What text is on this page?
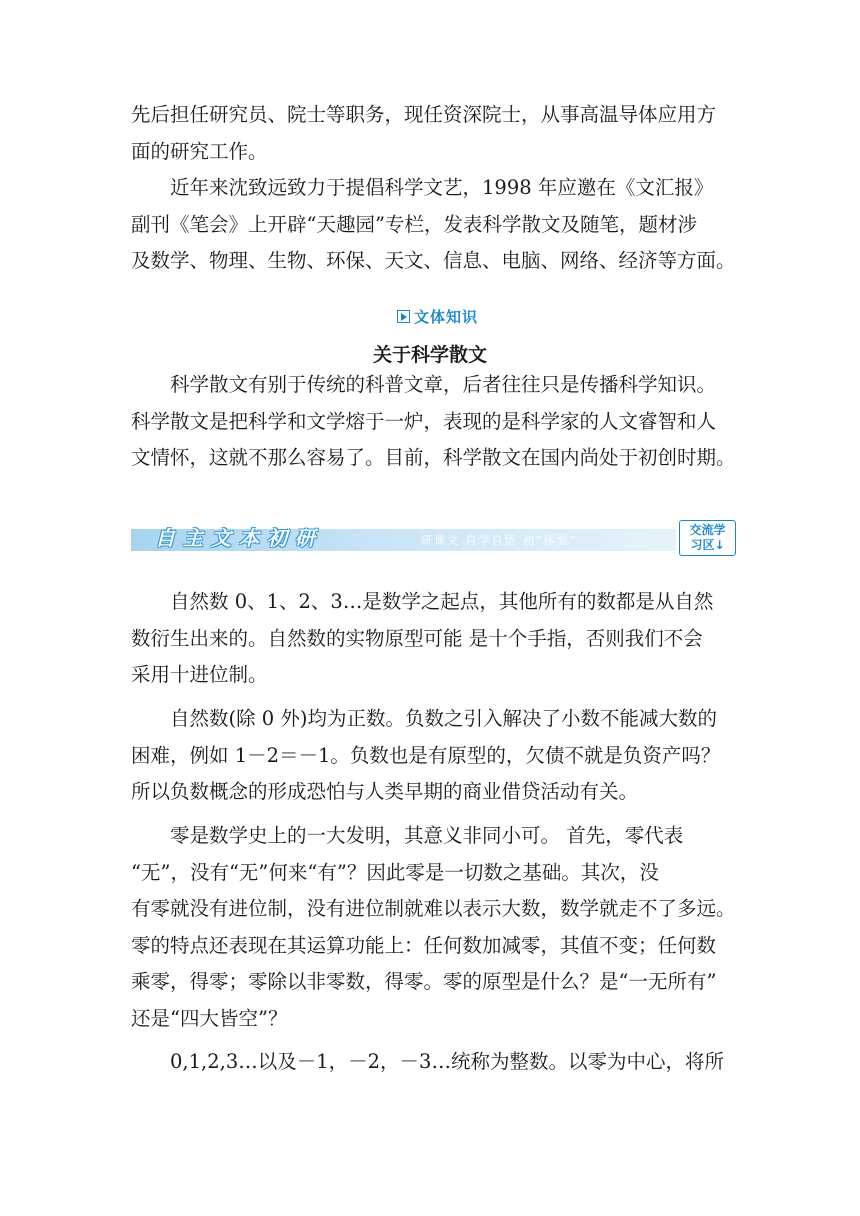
先后担任研究员、院士等职务，现任资深院士，从事高温导体应用方
面的研究工作。
　　近年来沈致远致力于提倡科学文艺，1998 年应邀在《文汇报》
副刊《笔会》上开辟“天趣园”专栏，发表科学散文及随笔，题材涉
及数学、物理、生物、环保、天文、信息、电脑、网络、经济等方面。
文体知识
关于科学散文
　　科学散文有别于传统的科普文章，后者往往只是传播科学知识。
科学散文是把科学和文学熔于一炉，表现的是科学家的人文睿智和人
文情怀，这就不那么容易了。目前，科学散文在国内尚处于初创时期。
自主文本初研	研课文 自学自悟 初“体验”
交流学
习区↓
　　自然数 0、1、2、3…是数学之起点，其他所有的数都是从自然
数衍生出来的。自然数的实物原型可能 是十个手指，否则我们不会
采用十进位制。
　　自然数(除 0 外)均为正数。负数之引入解决了小数不能减大数的
困难，例如 1－2＝－1。负数也是有原型的，欠债不就是负资产吗？
所以负数概念的形成恐怕与人类早期的商业借贷活动有关。
　　零是数学史上的一大发明，其意义非同小可。 首先，零代表
“无”，没有“无”何来“有”？因此零是一切数之基础。其次，没
有零就没有进位制，没有进位制就难以表示大数，数学就走不了多远。
零的特点还表现在其运算功能上：任何数加减零，其值不变；任何数
乘零，得零；零除以非零数，得零。零的原型是什么？是“一无所有”
还是“四大皆空”？
　　0,1,2,3…以及－1，－2，－3…统称为整数。以零为中心，将所
